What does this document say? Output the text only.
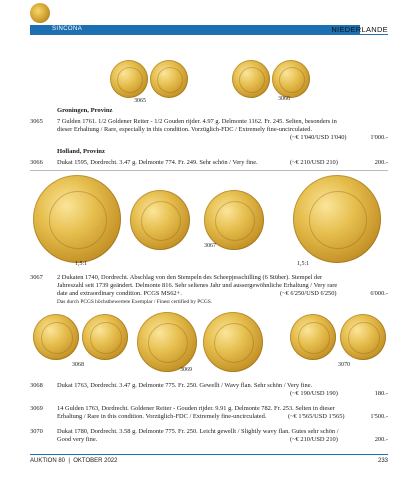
SINCONA	NIEDERLANDE
3065	3066
Groningen, Provinz
3065 7 Gulden 1761. 1/2 Goldener Reiter - 1/2 Gouden rijder. 4.97 g. Delmonte 1162. Fr. 245. Selten, besonders in
dieser Erhaltung / Rare, especially in this condition. Vorzüglich-FDC / Extremely fine-uncirculated.
(~€ 1'040/USD 1'040)	1'000.-
Holland, Provinz
3066 Dukat 1595, Dordrecht. 3.47 g. Delmonte 774. Fr. 249. Sehr schön / Very fine.	(~€ 210/USD 210)	200.-
3067
1,5:1	1,5:1
3067 2 Dukaten 1740, Dordrecht. Abschlag von den Stempeln des Scheepjesschilling (6 Stüber). Stempel der
Jahreszahl seit 1739 geändert. Delmonte 816. Sehr seltenes Jahr und aussergewöhnliche Erhaltung / Very rare
date and extraordinary condition. PCGS MS62+.	(~€ 6'250/USD 6'250)	6'000.-
Das durch PCGS höchstbewertete Exemplar / Finest certified by PCGS.
3068
3069
3070
3068 Dukat 1763, Dordrecht. 3.47 g. Delmonte 775. Fr. 250. Gewellt / Wavy flan. Sehr schön / Very fine.
(~€ 190/USD 190)	180.-
3069 14 Gulden 1763, Dordrecht. Goldener Reiter - Gouden rijder. 9.91 g. Delmonte 782. Fr. 253. Selten in dieser
Erhaltung / Rare in this condition. Vorzüglich-FDC / Extremely fine-uncirculated.	(~€ 1'565/USD 1'565)	1'500.-
3070 Dukat 1780, Dordrecht. 3.58 g. Delmonte 775. Fr. 250. Leicht gewellt / Slightly wavy flan. Gutes sehr schön /
Good very fine.	(~€ 210/USD 210)	200.-
AUKTION 80  |  OKTOBER 2022	233
